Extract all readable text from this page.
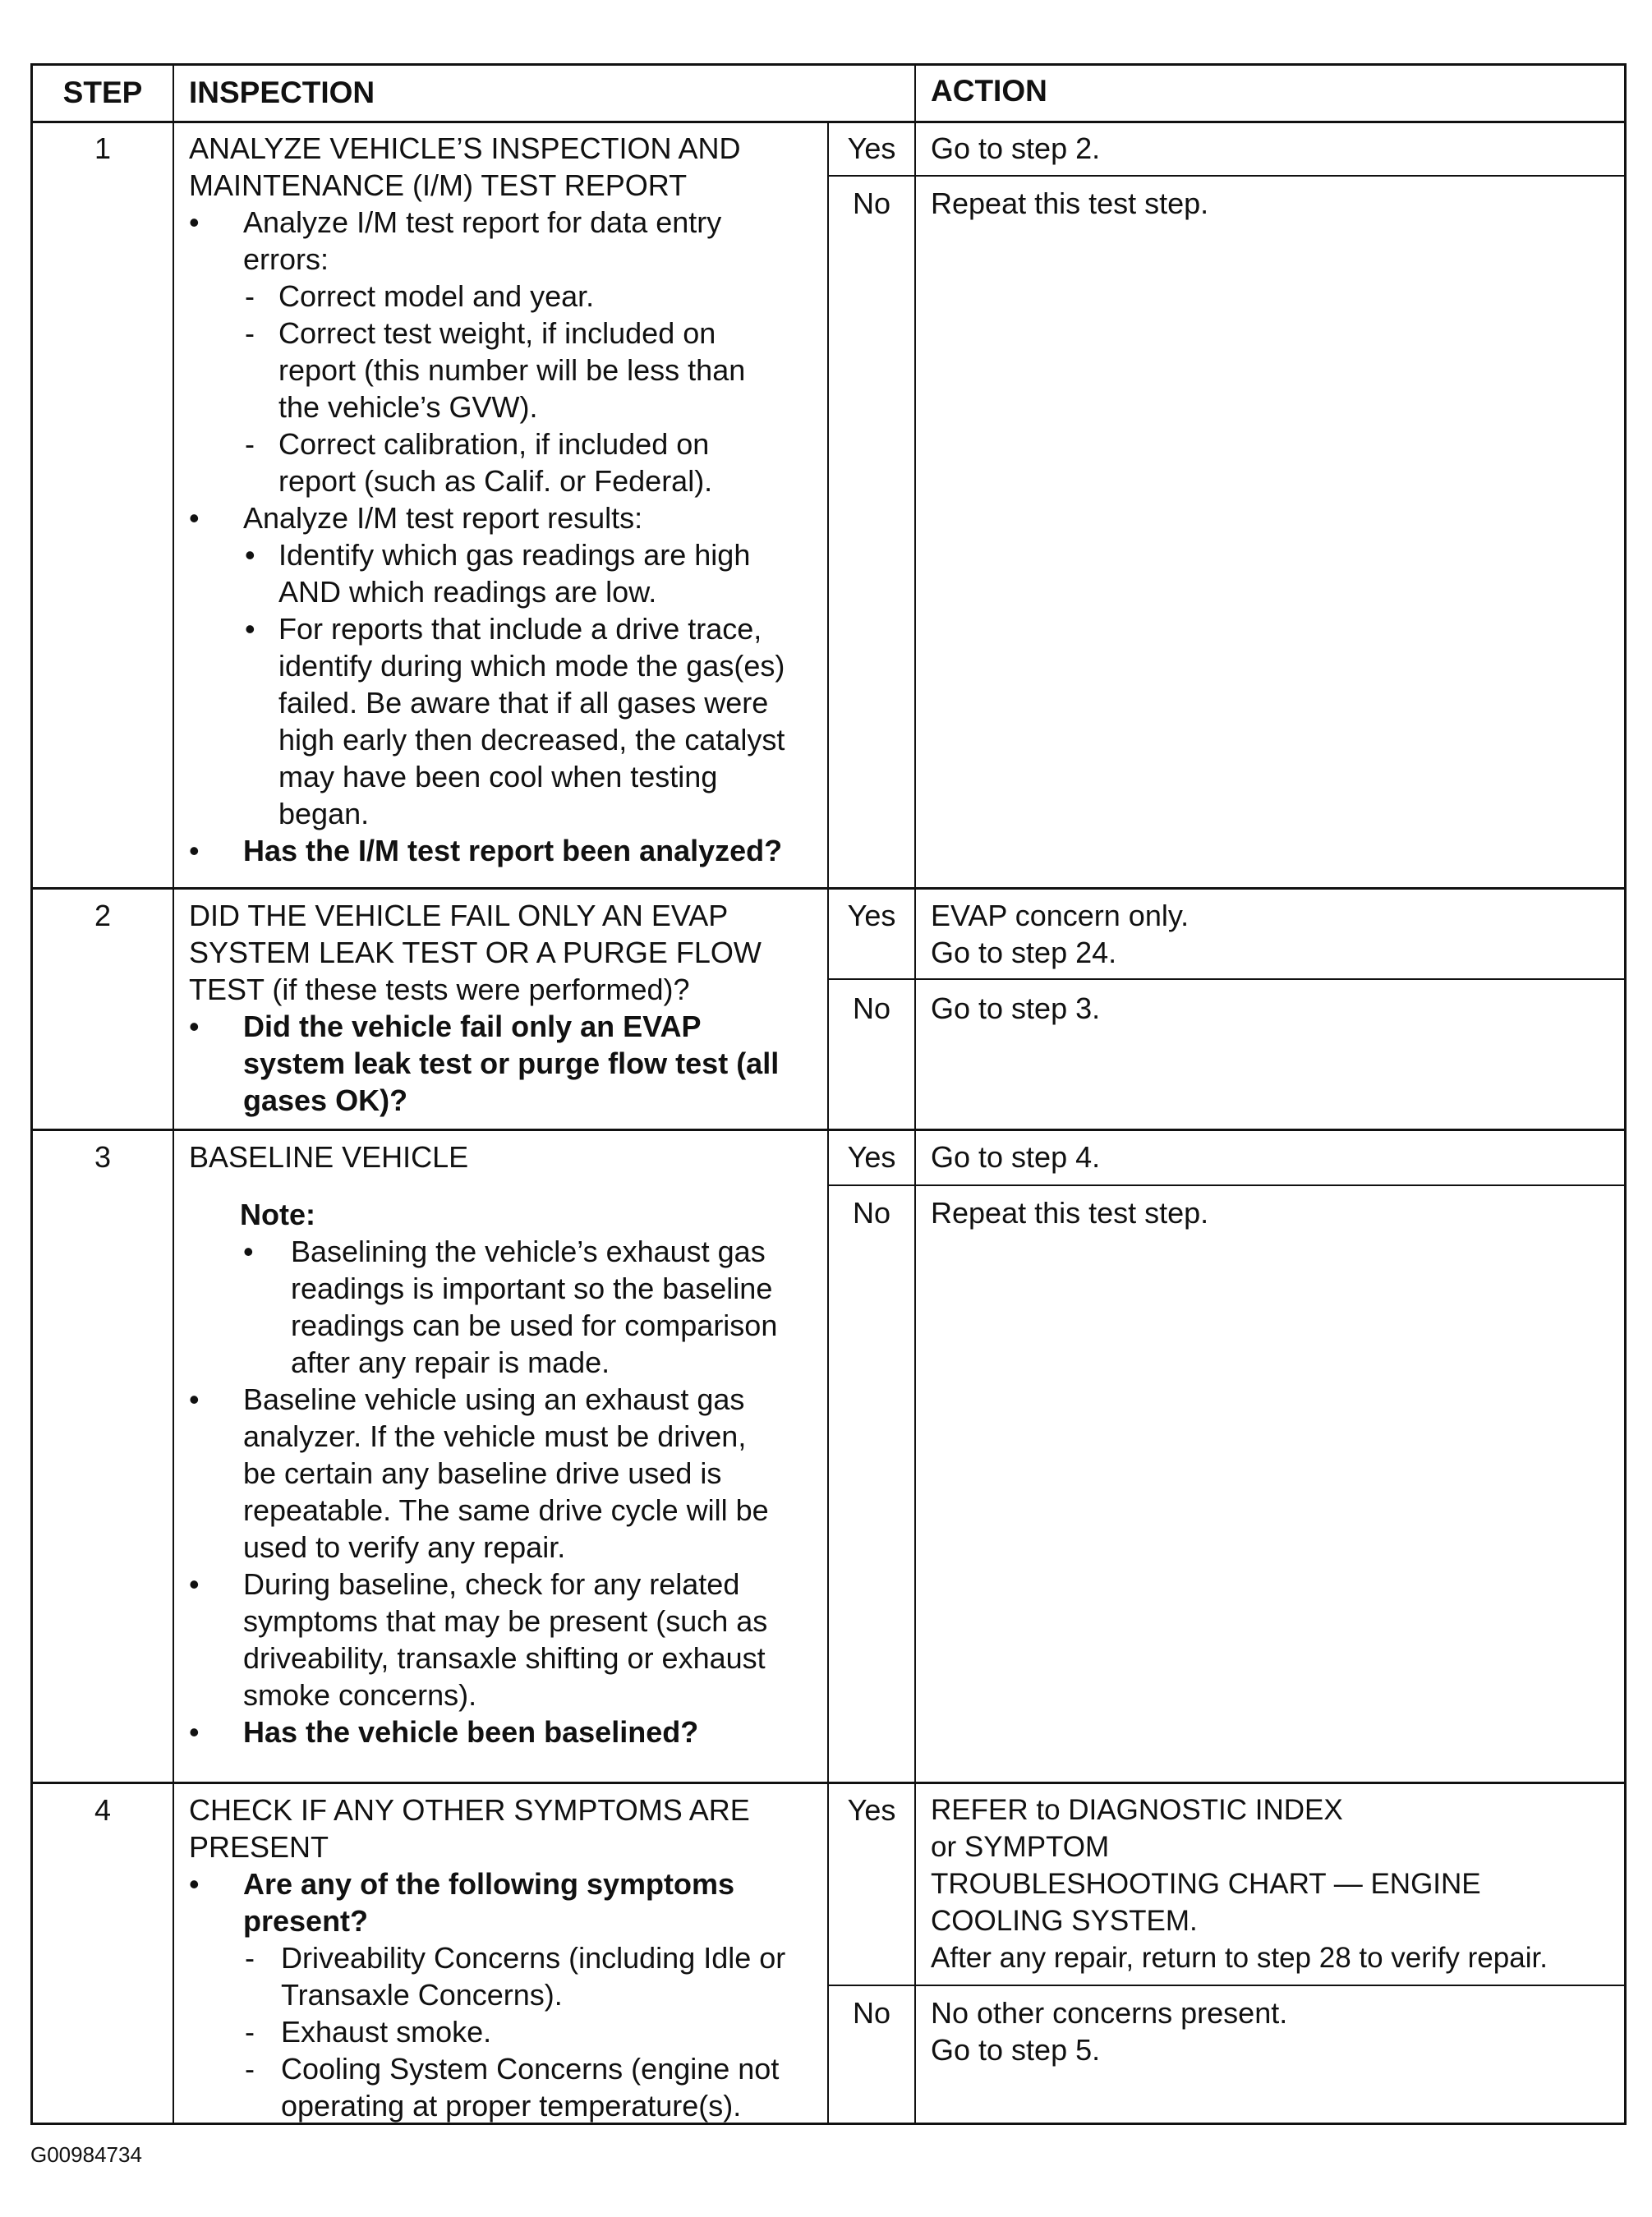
STEP	INSPECTION	ACTION
1	ANALYZE VEHICLE’S INSPECTION AND
MAINTENANCE (I/M) TEST REPORT
• Analyze I/M test report for data entry
errors:
- Correct model and year.
- Correct test weight, if included on
report (this number will be less than
the vehicle’s GVW).
- Correct calibration, if included on
report (such as Calif. or Federal).
• Analyze I/M test report results:
• Identify which gas readings are high
AND which readings are low.
• For reports that include a drive trace,
identify during which mode the gas(es)
failed. Be aware that if all gases were
high early then decreased, the catalyst
may have been cool when testing
began.
• Has the I/M test report been analyzed?
Yes	Go to step 2.
No	Repeat this test step.
2	DID THE VEHICLE FAIL ONLY AN EVAP
SYSTEM LEAK TEST OR A PURGE FLOW
TEST (if these tests were performed)?
• Did the vehicle fail only an EVAP
system leak test or purge flow test (all
gases OK)?
Yes	EVAP concern only.
Go to step 24.
No	Go to step 3.
3	BASELINE VEHICLE
Note:
• Baselining the vehicle’s exhaust gas
readings is important so the baseline
readings can be used for comparison
after any repair is made.
• Baseline vehicle using an exhaust gas
analyzer. If the vehicle must be driven,
be certain any baseline drive used is
repeatable. The same drive cycle will be
used to verify any repair.
• During baseline, check for any related
symptoms that may be present (such as
driveability, transaxle shifting or exhaust
smoke concerns).
• Has the vehicle been baselined?
Yes	Go to step 4.
No	Repeat this test step.
4	CHECK IF ANY OTHER SYMPTOMS ARE
PRESENT
• Are any of the following symptoms
present?
- Driveability Concerns (including Idle or
Transaxle Concerns).
- Exhaust smoke.
- Cooling System Concerns (engine not
operating at proper temperature(s).
Yes	REFER to DIAGNOSTIC INDEX
or SYMPTOM
TROUBLESHOOTING CHART — ENGINE
COOLING SYSTEM.
After any repair, return to step 28 to verify repair.
No	No other concerns present.
Go to step 5.
G00984734
